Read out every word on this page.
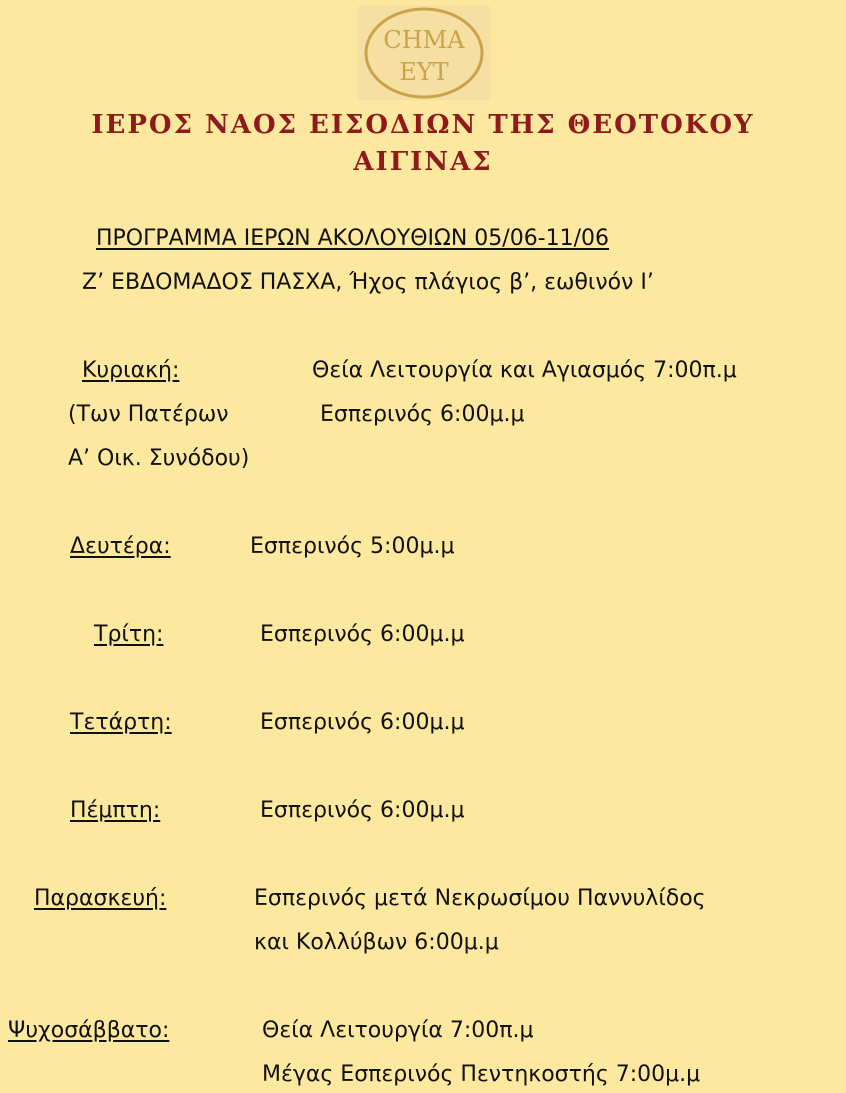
CΗΜΑ
ΕΥΤ
ΙΕΡΟΣ ΝΑΟΣ ΕΙΣΟΔΙΩΝ ΤΗΣ ΘΕΟΤΟΚΟΥ
ΑΙΓΙΝΑΣ

ΠΡΟΓΡΑΜΜΑ ΙΕΡΩΝ ΑΚΟΛΟΥΘΙΩΝ 05/06-11/06

Ζ’ ΕΒΔΟΜΑΔΟΣ ΠΑΣΧΑ, Ήχος πλάγιος β’, εωθινόν Ι’

Κυριακή:	Θεία Λειτουργία και Αγιασμός 7:00π.μ

(Των Πατέρων	Εσπερινός 6:00μ.μ

Α’ Οικ. Συνόδου)

Δευτέρα:	Εσπερινός 5:00μ.μ

Τρίτη:	Εσπερινός 6:00μ.μ

Τετάρτη:	Εσπερινός 6:00μ.μ

Πέμπτη:	Εσπερινός 6:00μ.μ

Παρασκευή:	Εσπερινός μετά Νεκρωσίμου Παννυλίδος

και Κολλύβων 6:00μ.μ

Ψυχοσάββατο:	Θεία Λειτουργία 7:00π.μ

Μέγας Εσπερινός Πεντηκοστής 7:00μ.μ
